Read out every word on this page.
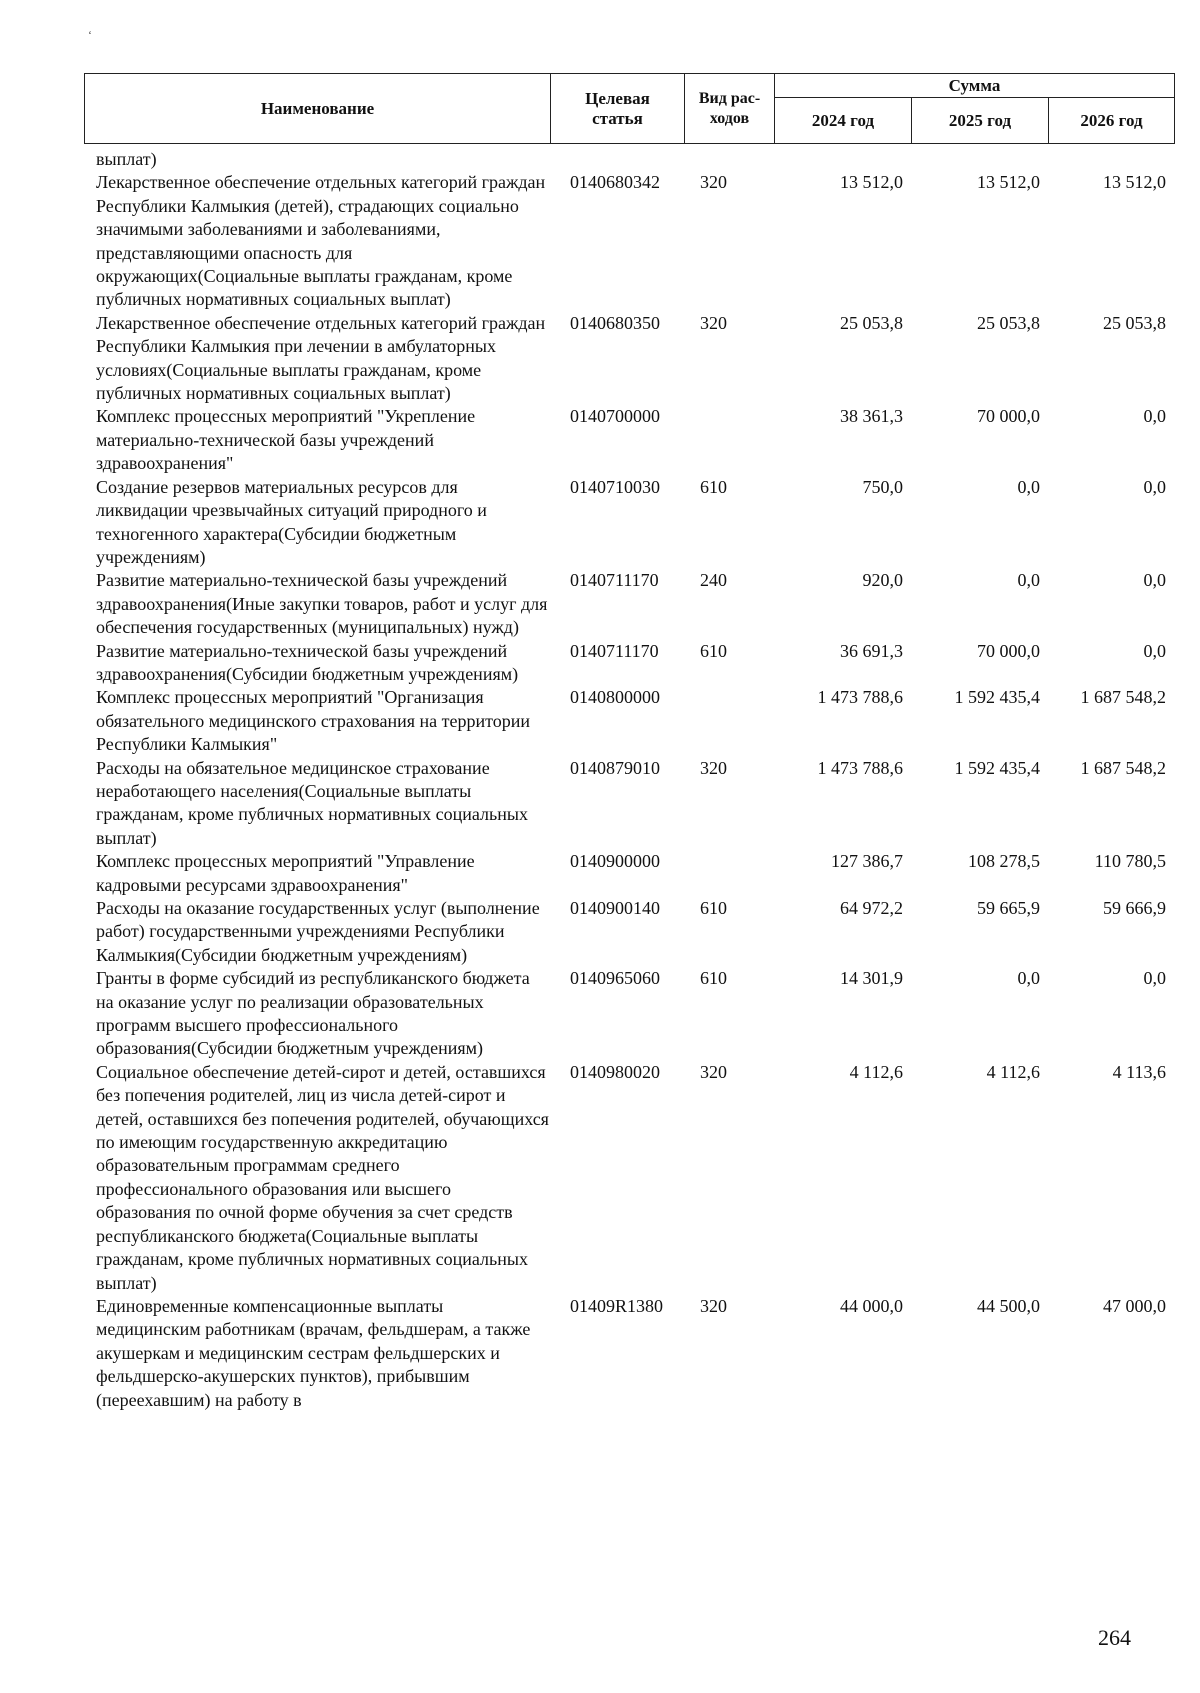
‘
Наименование	Целевая статья	Вид рас-ходов	Сумма		
			2024 год	2025 год	2026 год
выплат)					
Лекарственное обеспечение отдельных категорий граждан Республики Калмыкия (детей), страдающих социально значимыми заболеваниями и заболеваниями, представляющими опасность для окружающих(Социальные выплаты гражданам, кроме публичных нормативных социальных выплат)	0140680342	320	13 512,0	13 512,0	13 512,0
Лекарственное обеспечение отдельных категорий граждан Республики Калмыкия при лечении в амбулаторных условиях(Социальные выплаты гражданам, кроме публичных нормативных социальных выплат)	0140680350	320	25 053,8	25 053,8	25 053,8
Комплекс процессных мероприятий "Укрепление материально-технической базы учреждений здравоохранения"	0140700000		38 361,3	70 000,0	0,0
Создание резервов материальных ресурсов для ликвидации чрезвычайных ситуаций природного и техногенного характера(Субсидии бюджетным учреждениям)	0140710030	610	750,0	0,0	0,0
Развитие материально-технической базы учреждений здравоохранения(Иные закупки товаров, работ и услуг для обеспечения государственных (муниципальных) нужд)	0140711170	240	920,0	0,0	0,0
Развитие материально-технической базы учреждений здравоохранения(Субсидии бюджетным учреждениям)	0140711170	610	36 691,3	70 000,0	0,0
Комплекс процессных мероприятий "Организация обязательного медицинского страхования на территории Республики Калмыкия"	0140800000		1 473 788,6	1 592 435,4	1 687 548,2
Расходы на обязательное медицинское страхование неработающего населения(Социальные выплаты гражданам, кроме публичных нормативных социальных выплат)	0140879010	320	1 473 788,6	1 592 435,4	1 687 548,2
Комплекс процессных мероприятий "Управление кадровыми ресурсами здравоохранения"	0140900000		127 386,7	108 278,5	110 780,5
Расходы на оказание государственных услуг (выполнение работ) государственными учреждениями Республики Калмыкия(Субсидии бюджетным учреждениям)	0140900140	610	64 972,2	59 665,9	59 666,9
Гранты в форме субсидий из республиканского бюджета на оказание услуг по реализации образовательных программ высшего профессионального образования(Субсидии бюджетным учреждениям)	0140965060	610	14 301,9	0,0	0,0
Социальное обеспечение детей-сирот и детей, оставшихся без попечения родителей, лиц из числа детей-сирот и детей, оставшихся без попечения родителей, обучающихся по имеющим государственную аккредитацию образовательным программам среднего профессионального образования или высшего образования по очной форме обучения за счет средств республиканского бюджета(Социальные выплаты гражданам, кроме публичных нормативных социальных выплат)	0140980020	320	4 112,6	4 112,6	4 113,6
Единовременные компенсационные выплаты медицинским работникам (врачам, фельдшерам, а также акушеркам и медицинским сестрам фельдшерских и фельдшерско-акушерских пунктов), прибывшим (переехавшим) на работу в	01409R1380	320	44 000,0	44 500,0	47 000,0
264
